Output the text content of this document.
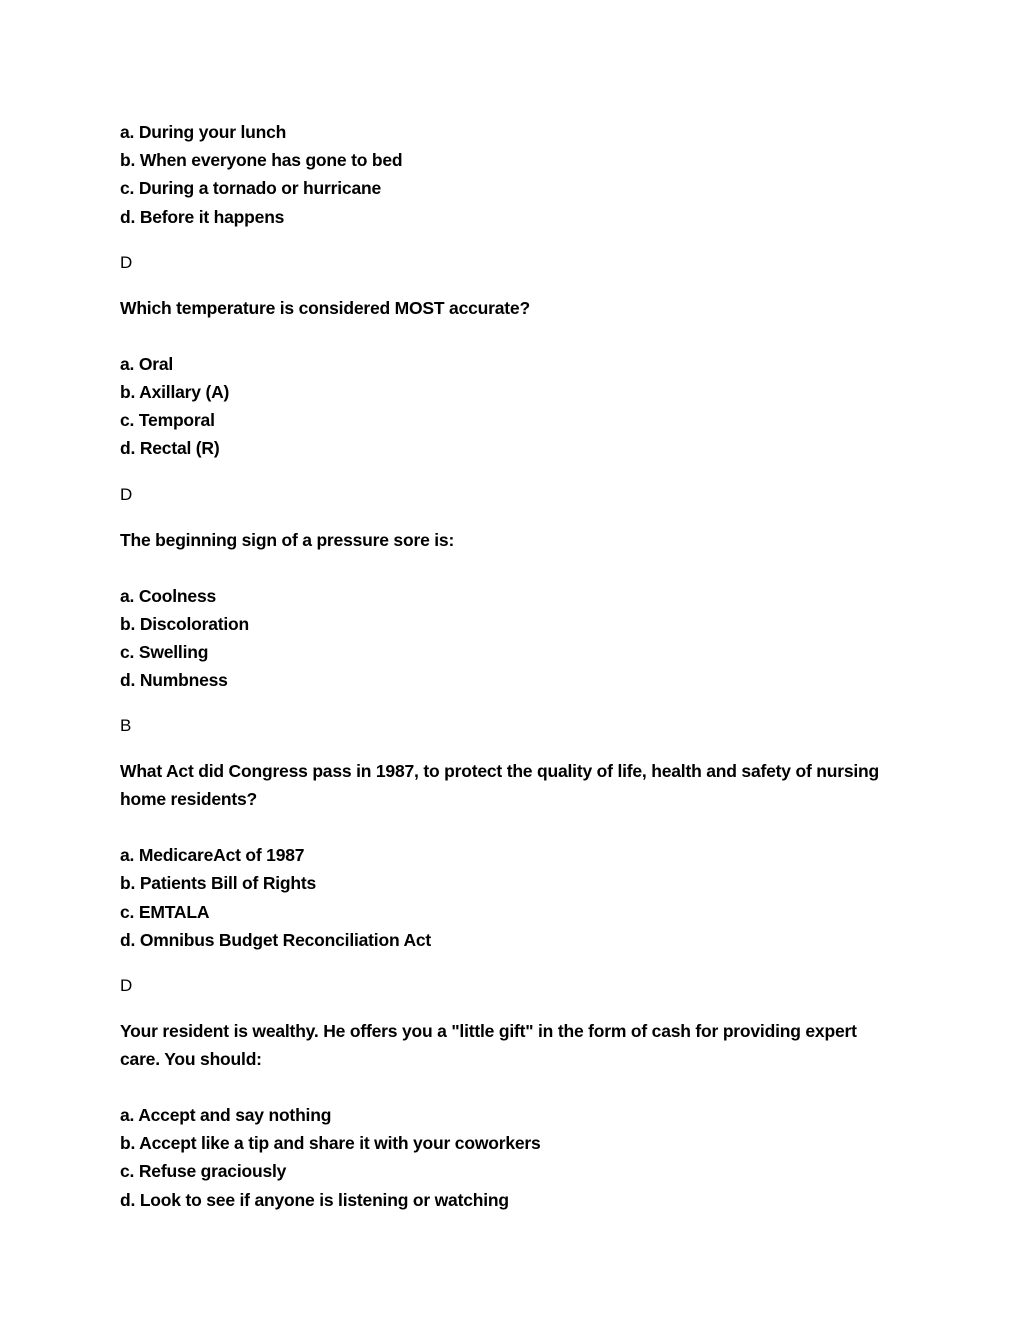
a. During your lunch
b. When everyone has gone to bed
c. During a tornado or hurricane
d. Before it happens
D

Which temperature is considered MOST accurate?

a. Oral
b. Axillary (A)
c. Temporal
d. Rectal (R)
D

The beginning sign of a pressure sore is:

a. Coolness
b. Discoloration
c. Swelling
d. Numbness
B

What Act did Congress pass in 1987, to protect the quality of life, health and safety of nursing home residents?

a. MedicareAct of 1987
b. Patients Bill of Rights
c. EMTALA
d. Omnibus Budget Reconciliation Act
D

Your resident is wealthy. He offers you a "little gift" in the form of cash for providing expert care. You should:

a. Accept and say nothing
b. Accept like a tip and share it with your coworkers
c. Refuse graciously
d. Look to see if anyone is listening or watching
